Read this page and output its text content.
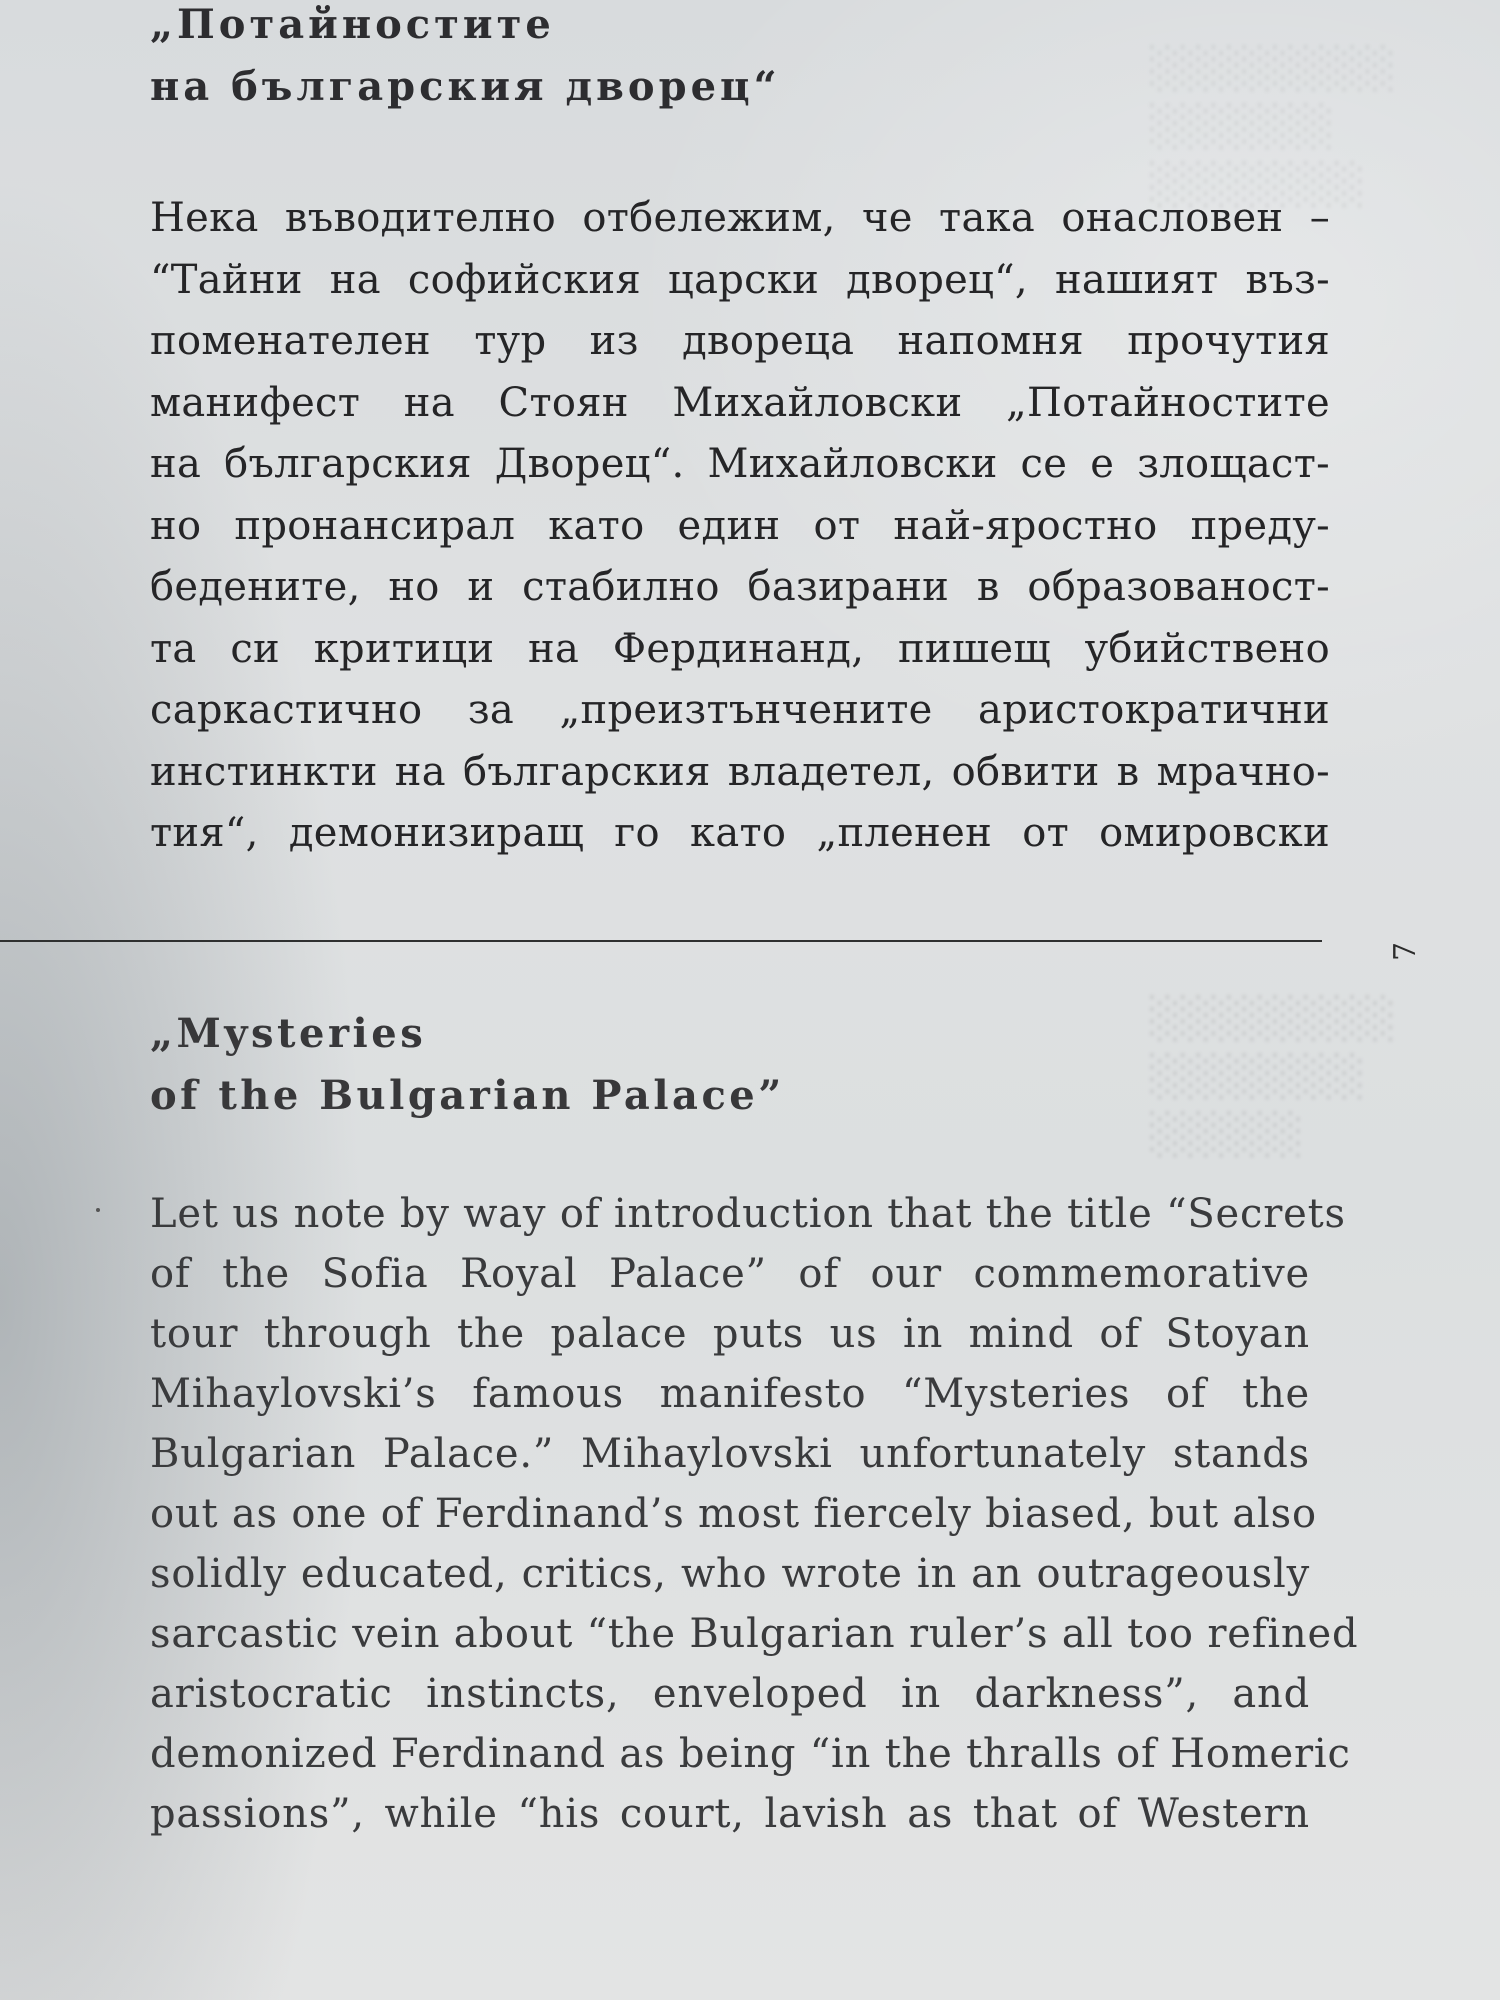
░░░░░░░░
░░░░░░
░░░░░░░
░░░░░░░░
░░░░░░░
░░░░░
„Потайностите
на българския дворец“

Нека въводително отбележим, че така онасловен –
“Тайни на софийския царски дворец“, нашият въз-
поменателен тур из двореца напомня прочутия
манифест на Стоян Михайловски „Потайностите
на българския Дворец“. Михайловски се е злощаст-
но пронансирал като един от най-яростно преду-
бедените, но и стабилно базирани в образованост-
та си критици на Фердинанд, пишещ убийствено
саркастично за „преизтънчените аристократични
инстинкти на българския владетел, обвити в мрачно-
тия“, демонизиращ го като „пленен от омировски

7
„Mysteries
of the Bulgarian Palace”

Let us note by way of introduction that the title “Secrets
of the Sofia Royal Palace” of our commemorative
tour through the palace puts us in mind of Stoyan
Mihaylovski’s famous manifesto “Mysteries of the
Bulgarian Palace.” Mihaylovski unfortunately stands
out as one of Ferdinand’s most fiercely biased, but also
solidly educated, critics, who wrote in an outrageously
sarcastic vein about “the Bulgarian ruler’s all too refined
aristocratic instincts, enveloped in darkness”, and
demonized Ferdinand as being “in the thralls of Homeric
passions”, while “his court, lavish as that of Western
